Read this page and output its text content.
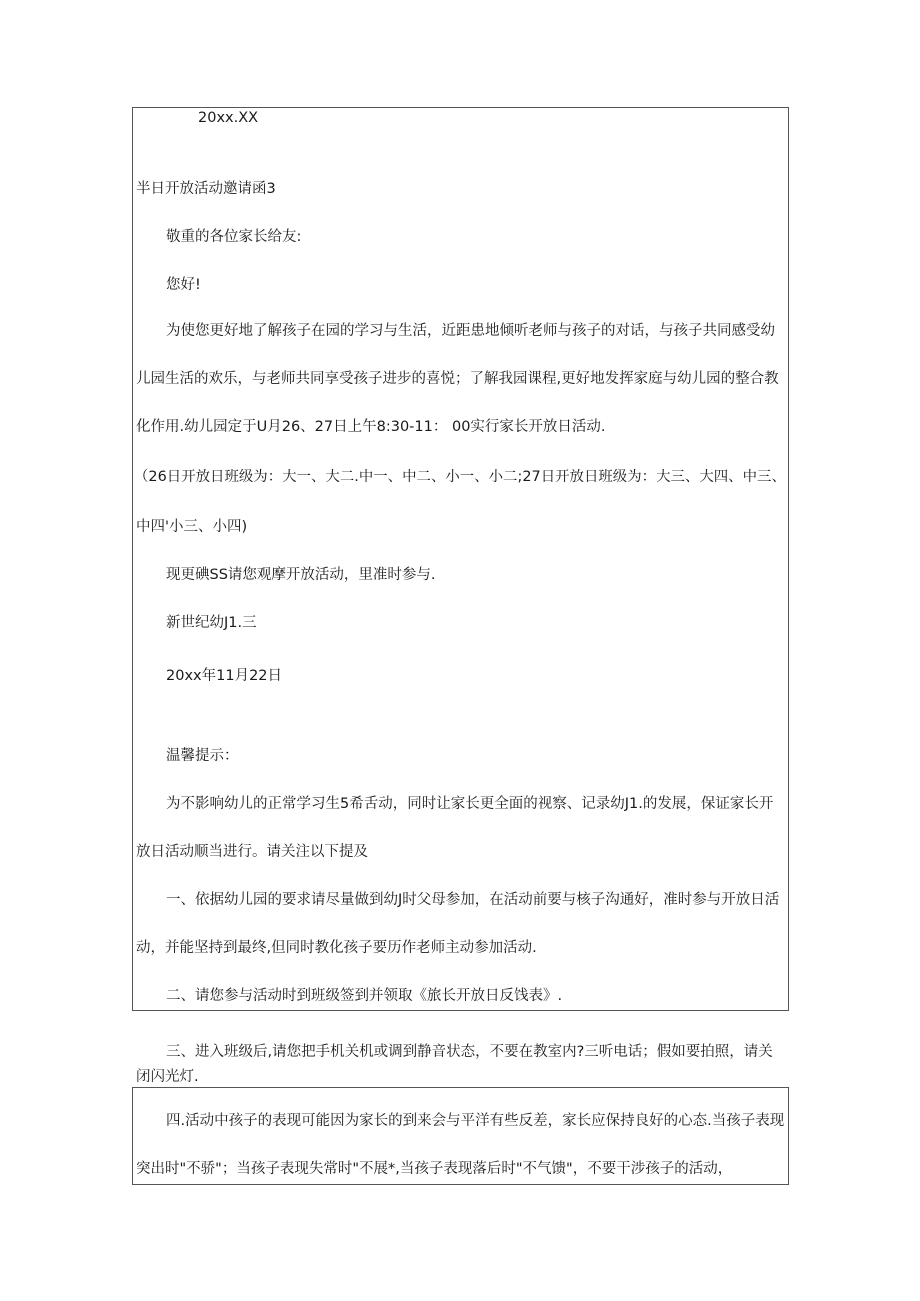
20xx.XX
半日开放活动邀请函3
敬重的各位家长给友:
您好!
为使您更好地了解孩子在园的学习与生活，近距患地倾听老师与孩子的对话，与孩子共同感受幼
儿园生活的欢乐，与老师共同享受孩子进步的喜悦；了解我园课程,更好地发挥家庭与幼儿园的整合教
化作用.幼儿园定于U月26、27日上午8:30-11： 00实行家长开放日活动.
（26日开放日班级为：大一、大二.中一、中二、小一、小二;27日开放日班级为：大三、大四、中三、
中四'小三、小四)
现更碘SS请您观摩开放活动，里准时参与.
新世纪幼J1.三
20xx年11月22日
温馨提示：
为不影响幼儿的正常学习生5希舌动，同时让家长更全面的视察、记录幼J1.的发展，保证家长开
放日活动顺当进行。请关注以下提及
一、依据幼儿园的要求请尽量做到幼J时父母参加，在活动前要与核子沟通好，准时参与开放日活
动，并能坚持到最终,但同时教化孩子要历作老师主动参加活动.
二、请您参与活动时到班级签到并领取《旅长开放日反饯表》.
三、进入班级后,请您把手机关机或调到静音状态，不要在教室内?三听电话；假如要拍照，请关
闭闪光灯.
四.活动中孩子的表现可能因为家长的到来会与平洋有些反差，家长应保持良好的心态.当孩子表现
突出时"不骄"；当孩子表现失常时"不展*,当孩子表现落后时"不气馈"，不要干涉孩子的活动，
